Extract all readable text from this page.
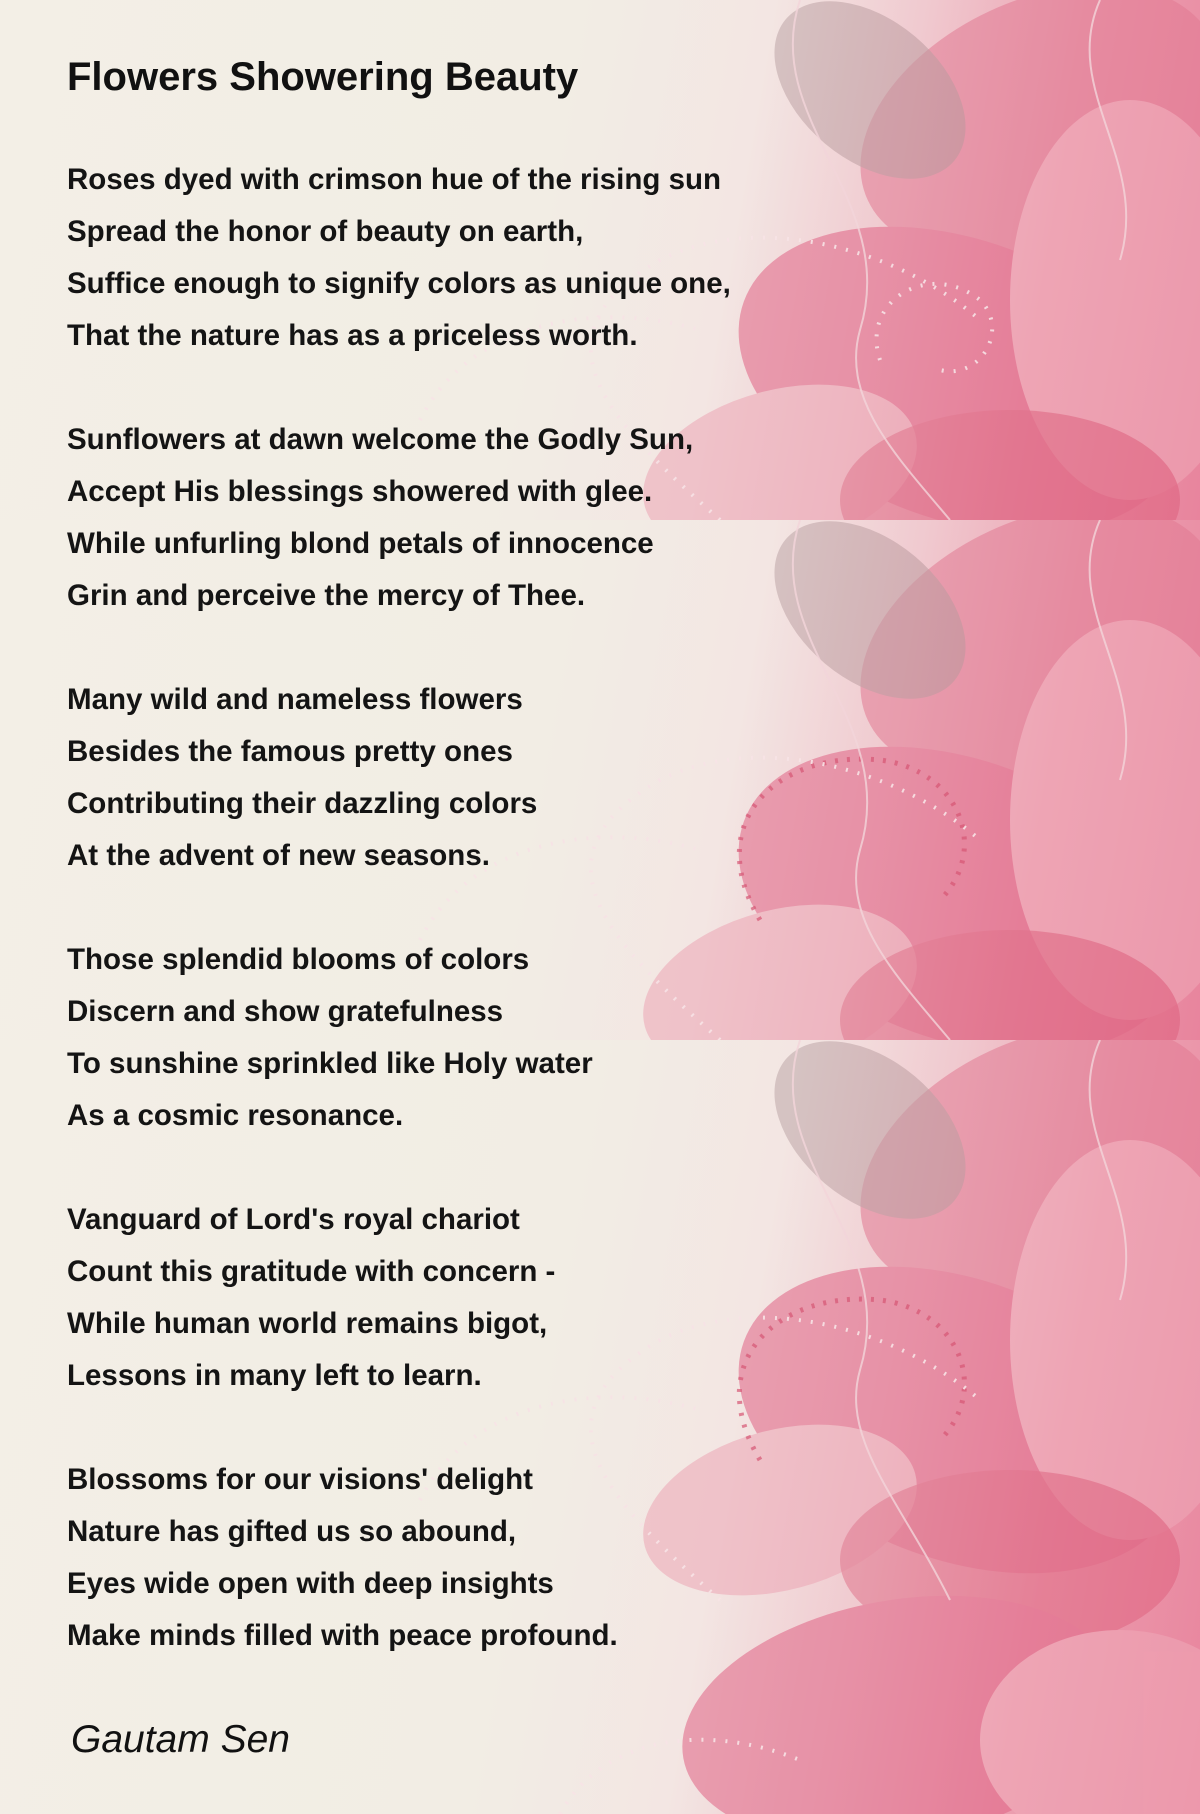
Flowers Showering Beauty
Roses dyed with crimson hue of the rising sun
Spread the honor of beauty on earth,
Suffice enough to signify colors as unique one,
That the nature has as a priceless worth.
Sunflowers at dawn welcome the Godly Sun,
Accept His blessings showered with glee.
While unfurling blond petals of innocence
Grin and perceive the mercy of Thee.
Many wild and nameless flowers
Besides the famous pretty ones
Contributing their dazzling colors
At the advent of new seasons.
Those splendid blooms of colors
Discern and show gratefulness
To sunshine sprinkled like Holy water
As a cosmic resonance.
Vanguard of Lord's royal chariot
Count this gratitude with concern -
While human world remains bigot,
Lessons in many left to learn.
Blossoms for our visions' delight
Nature has gifted us so abound,
Eyes wide open with deep insights
Make minds filled with peace profound.
Gautam Sen
